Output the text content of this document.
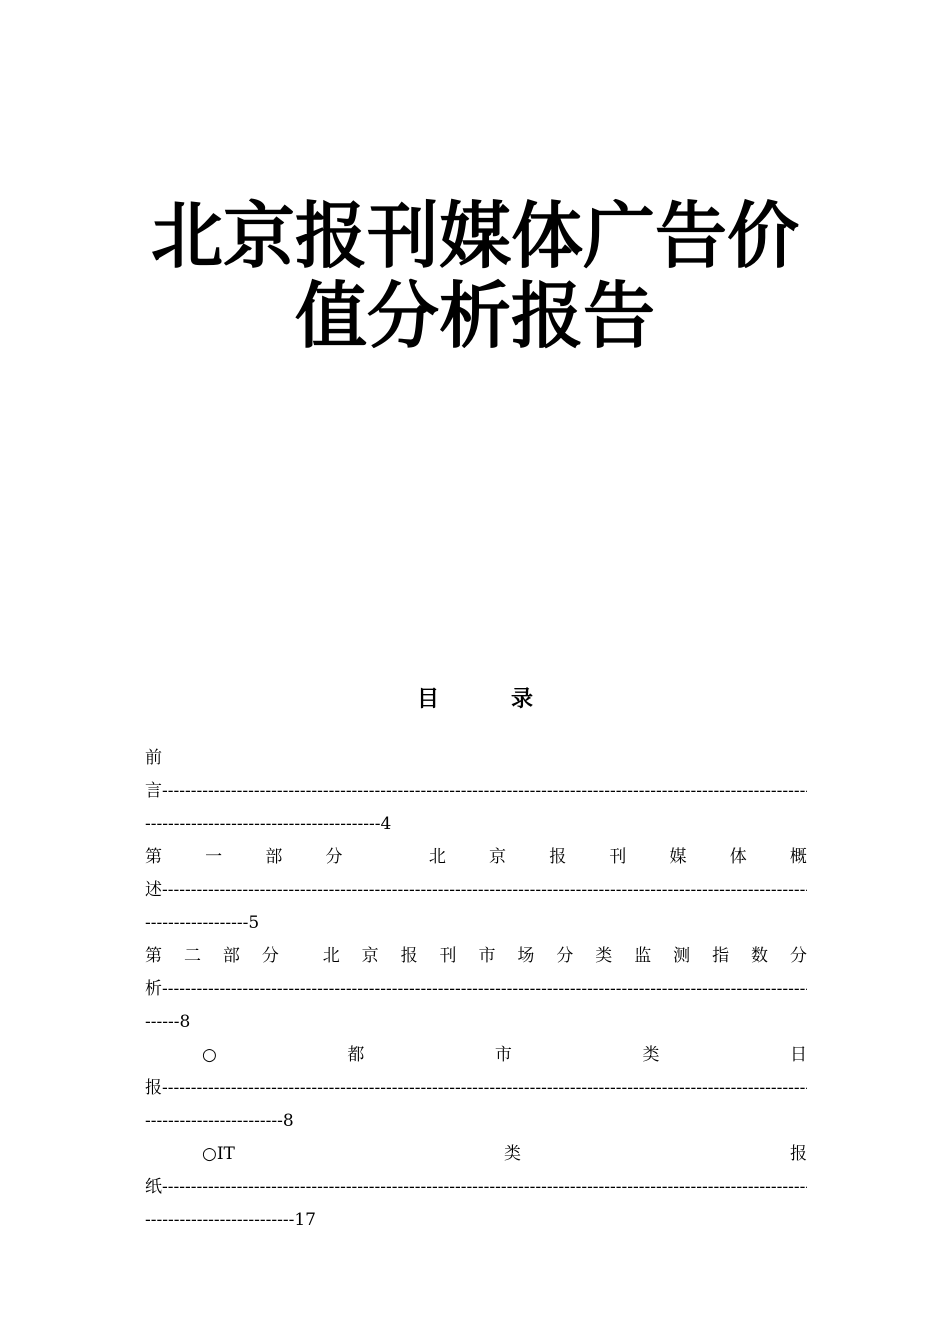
北京报刊媒体广告价
值分析报告
目	录
前
言
-----
-----------------------------------------4
第	一	部	分	北	京	报	刊	媒	体	概
述
-----
------------------5
第 二 部 分	北 京 报 刊 市 场 分 类 监 测 指 数 分
析
-----
------8
○	都	市	类	日
报
-----
------------------------8
○IT	类	报
纸
-----
--------------------------17
